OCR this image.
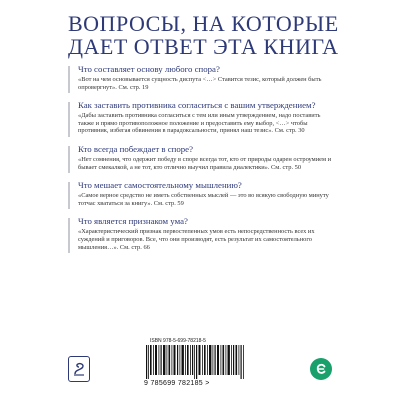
ВОПРОСЫ, НА КОТОРЫЕ
ДАЕТ ОТВЕТ ЭТА КНИГА

Что составляет основу любого спора?

«Вот на чем основывается сущность диспута <…> Ставится тезис, который должен быть опровергнут». См. стр. 19

Как заставить противника согласиться с вашим утверждением?

«Дабы заставить противника согласиться с тем или иным утверждением, надо поставить также и прямо противоположное положение и предоставить ему выбор, <…> чтобы противник, избегая обвинения в парадоксальности, принял наш тезис». См. стр. 30

Кто всегда побеждает в споре?

«Нет сомнения, что одержит победу в споре всегда тот, кто от природы одарен остроумием и бывает смекалкой, а не тот, кто отлично выучил правила диалектики». См. стр. 50

Что мешает самостоятельному мышлению?

«Самое верное средство не иметь собственных мыслей — это во всякую свободную минуту тотчас хвататься за книгу». См. стр. 59

Что является признаком ума?

«Характеристический признак первостепенных умов есть непосредственность всех их суждений и приговоров. Все, что они производят, есть результат их самостоятельного мышления…». См. стр. 66

ISBN 978-5-699-78218-5
9 785699 782185 >
